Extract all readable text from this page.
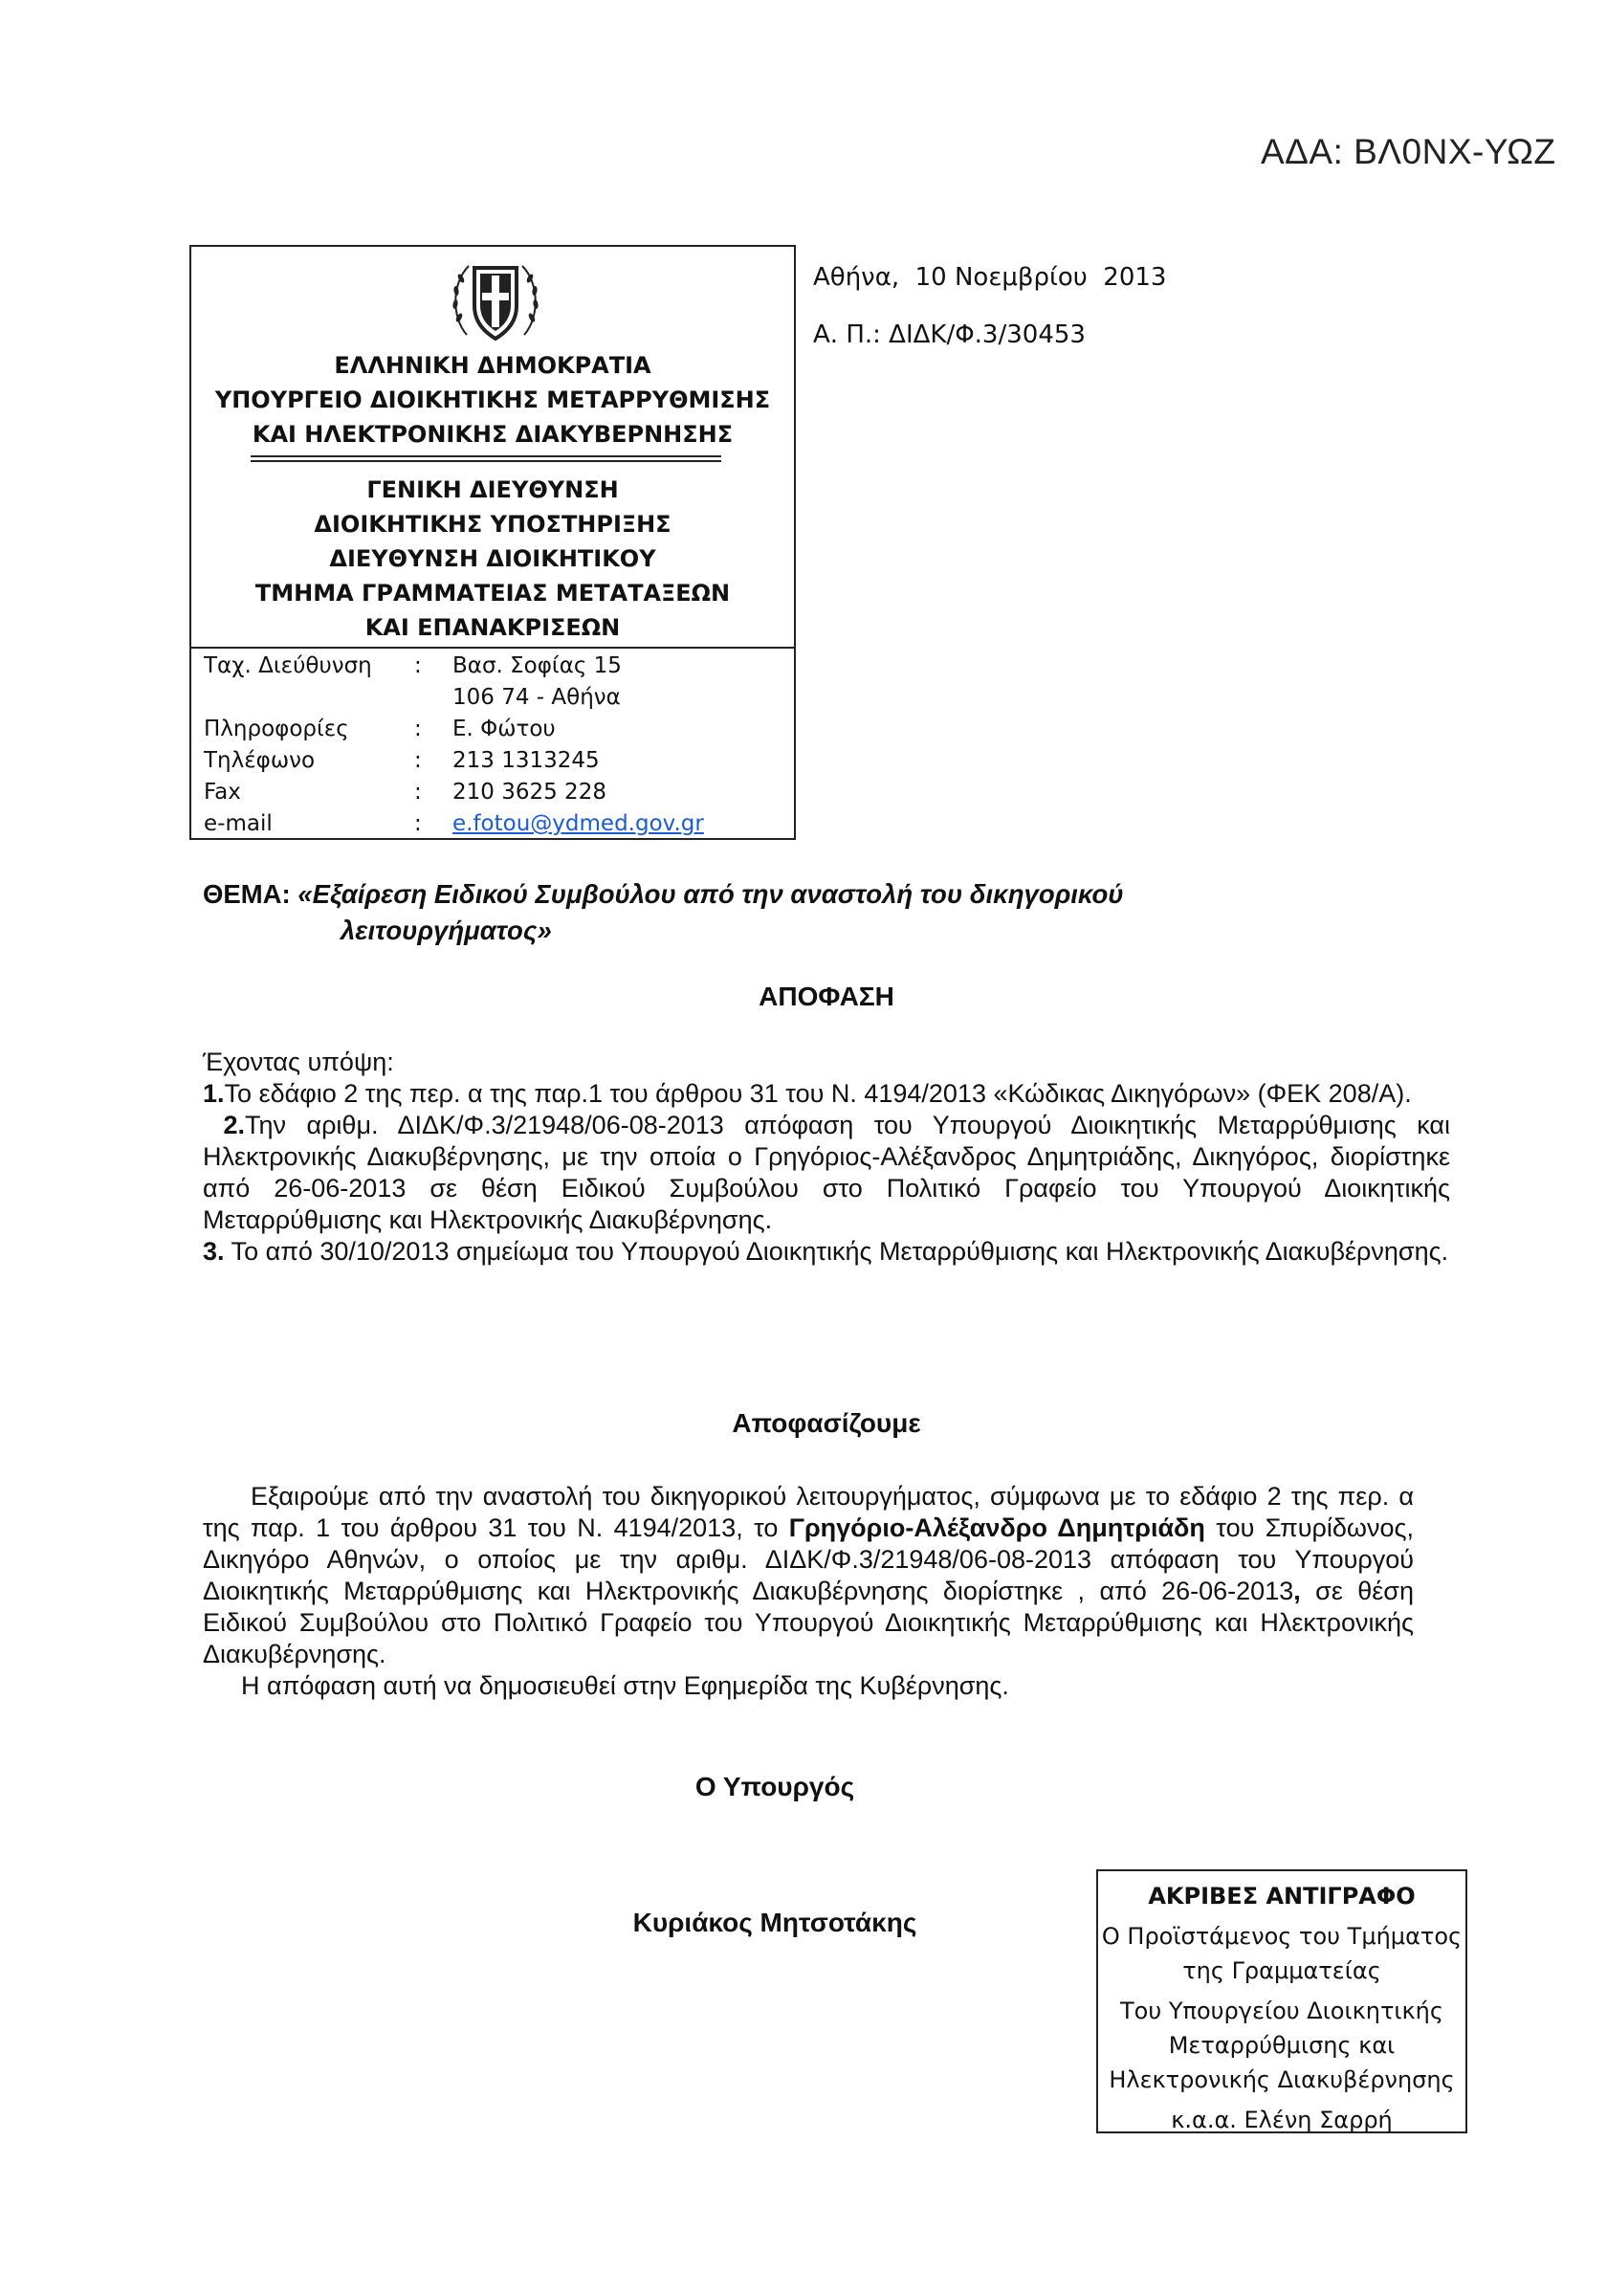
ΑΔΑ: ΒΛ0ΝΧ-ΥΩΖ
ΕΛΛΗΝΙΚΗ ΔΗΜΟΚΡΑΤΙΑ
ΥΠΟΥΡΓΕΙΟ ΔΙΟΙΚΗΤΙΚΗΣ ΜΕΤΑΡΡΥΘΜΙΣΗΣ
ΚΑΙ ΗΛΕΚΤΡΟΝΙΚΗΣ ΔΙΑΚΥΒΕΡΝΗΣΗΣ
ΓΕΝΙΚΗ ΔΙΕΥΘΥΝΣΗ
ΔΙΟΙΚΗΤΙΚΗΣ ΥΠΟΣΤΗΡΙΞΗΣ
ΔΙΕΥΘΥΝΣΗ ΔΙΟΙΚΗΤΙΚΟΥ
ΤΜΗΜΑ ΓΡΑΜΜΑΤΕΙΑΣ ΜΕΤΑΤΑΞΕΩΝ
ΚΑΙ ΕΠΑΝΑΚΡΙΣΕΩΝ
Ταχ. Διεύθυνση	:	Βασ. Σοφίας 15
106 74 - Αθήνα
Πληροφορίες	:	Ε. Φώτου
Τηλέφωνο	:	213 1313245
Fax	:	210 3625 228
e-mail	:	e.fotou@ydmed.gov.gr
Αθήνα,  10 Νοεμβρίου  2013
Α. Π.: ΔΙΔΚ/Φ.3/30453
ΘΕΜΑ: «Εξαίρεση Ειδικού Συμβούλου από την αναστολή του δικηγορικού
λειτουργήματος»
ΑΠΟΦΑΣΗ

Έχοντας υπόψη:

1.Το εδάφιο 2 της περ. α της παρ.1 του άρθρου 31 του Ν. 4194/2013 «Κώδικας Δικηγόρων» (ΦΕΚ 208/Α).

2.Την αριθμ. ΔΙΔΚ/Φ.3/21948/06-08-2013 απόφαση του Υπουργού Διοικητικής Μεταρρύθμισης και Ηλεκτρονικής Διακυβέρνησης, με την οποία ο Γρηγόριος-Αλέξανδρος Δημητριάδης, Δικηγόρος, διορίστηκε από 26-06-2013 σε θέση Ειδικού Συμβούλου στο Πολιτικό Γραφείο του Υπουργού Διοικητικής Μεταρρύθμισης και Ηλεκτρονικής Διακυβέρνησης.

3. Το από 30/10/2013 σημείωμα του Υπουργού Διοικητικής Μεταρρύθμισης και Ηλεκτρονικής Διακυβέρνησης.

Αποφασίζουμε

Εξαιρούμε από την αναστολή του δικηγορικού λειτουργήματος, σύμφωνα με το εδάφιο 2 της περ. α της παρ. 1 του άρθρου 31 του Ν. 4194/2013, το Γρηγόριο-Αλέξανδρο Δημητριάδη του Σπυρίδωνος, Δικηγόρο Αθηνών, ο οποίος με την αριθμ. ΔΙΔΚ/Φ.3/21948/06-08-2013 απόφαση του Υπουργού Διοικητικής Μεταρρύθμισης και Ηλεκτρονικής Διακυβέρνησης διορίστηκε , από 26-06-2013, σε θέση Ειδικού Συμβούλου στο Πολιτικό Γραφείο του Υπουργού Διοικητικής Μεταρρύθμισης και Ηλεκτρονικής Διακυβέρνησης.

Η απόφαση αυτή να δημοσιευθεί στην Εφημερίδα της Κυβέρνησης.

Ο Υπουργός
Κυριάκος Μητσοτάκης
ΑΚΡΙΒΕΣ ΑΝΤΙΓΡΑΦΟ
Ο Προϊστάμενος του Τμήματος της Γραμματείας
Του Υπουργείου Διοικητικής Μεταρρύθμισης και Ηλεκτρονικής Διακυβέρνησης
κ.α.α. Ελένη Σαρρή
